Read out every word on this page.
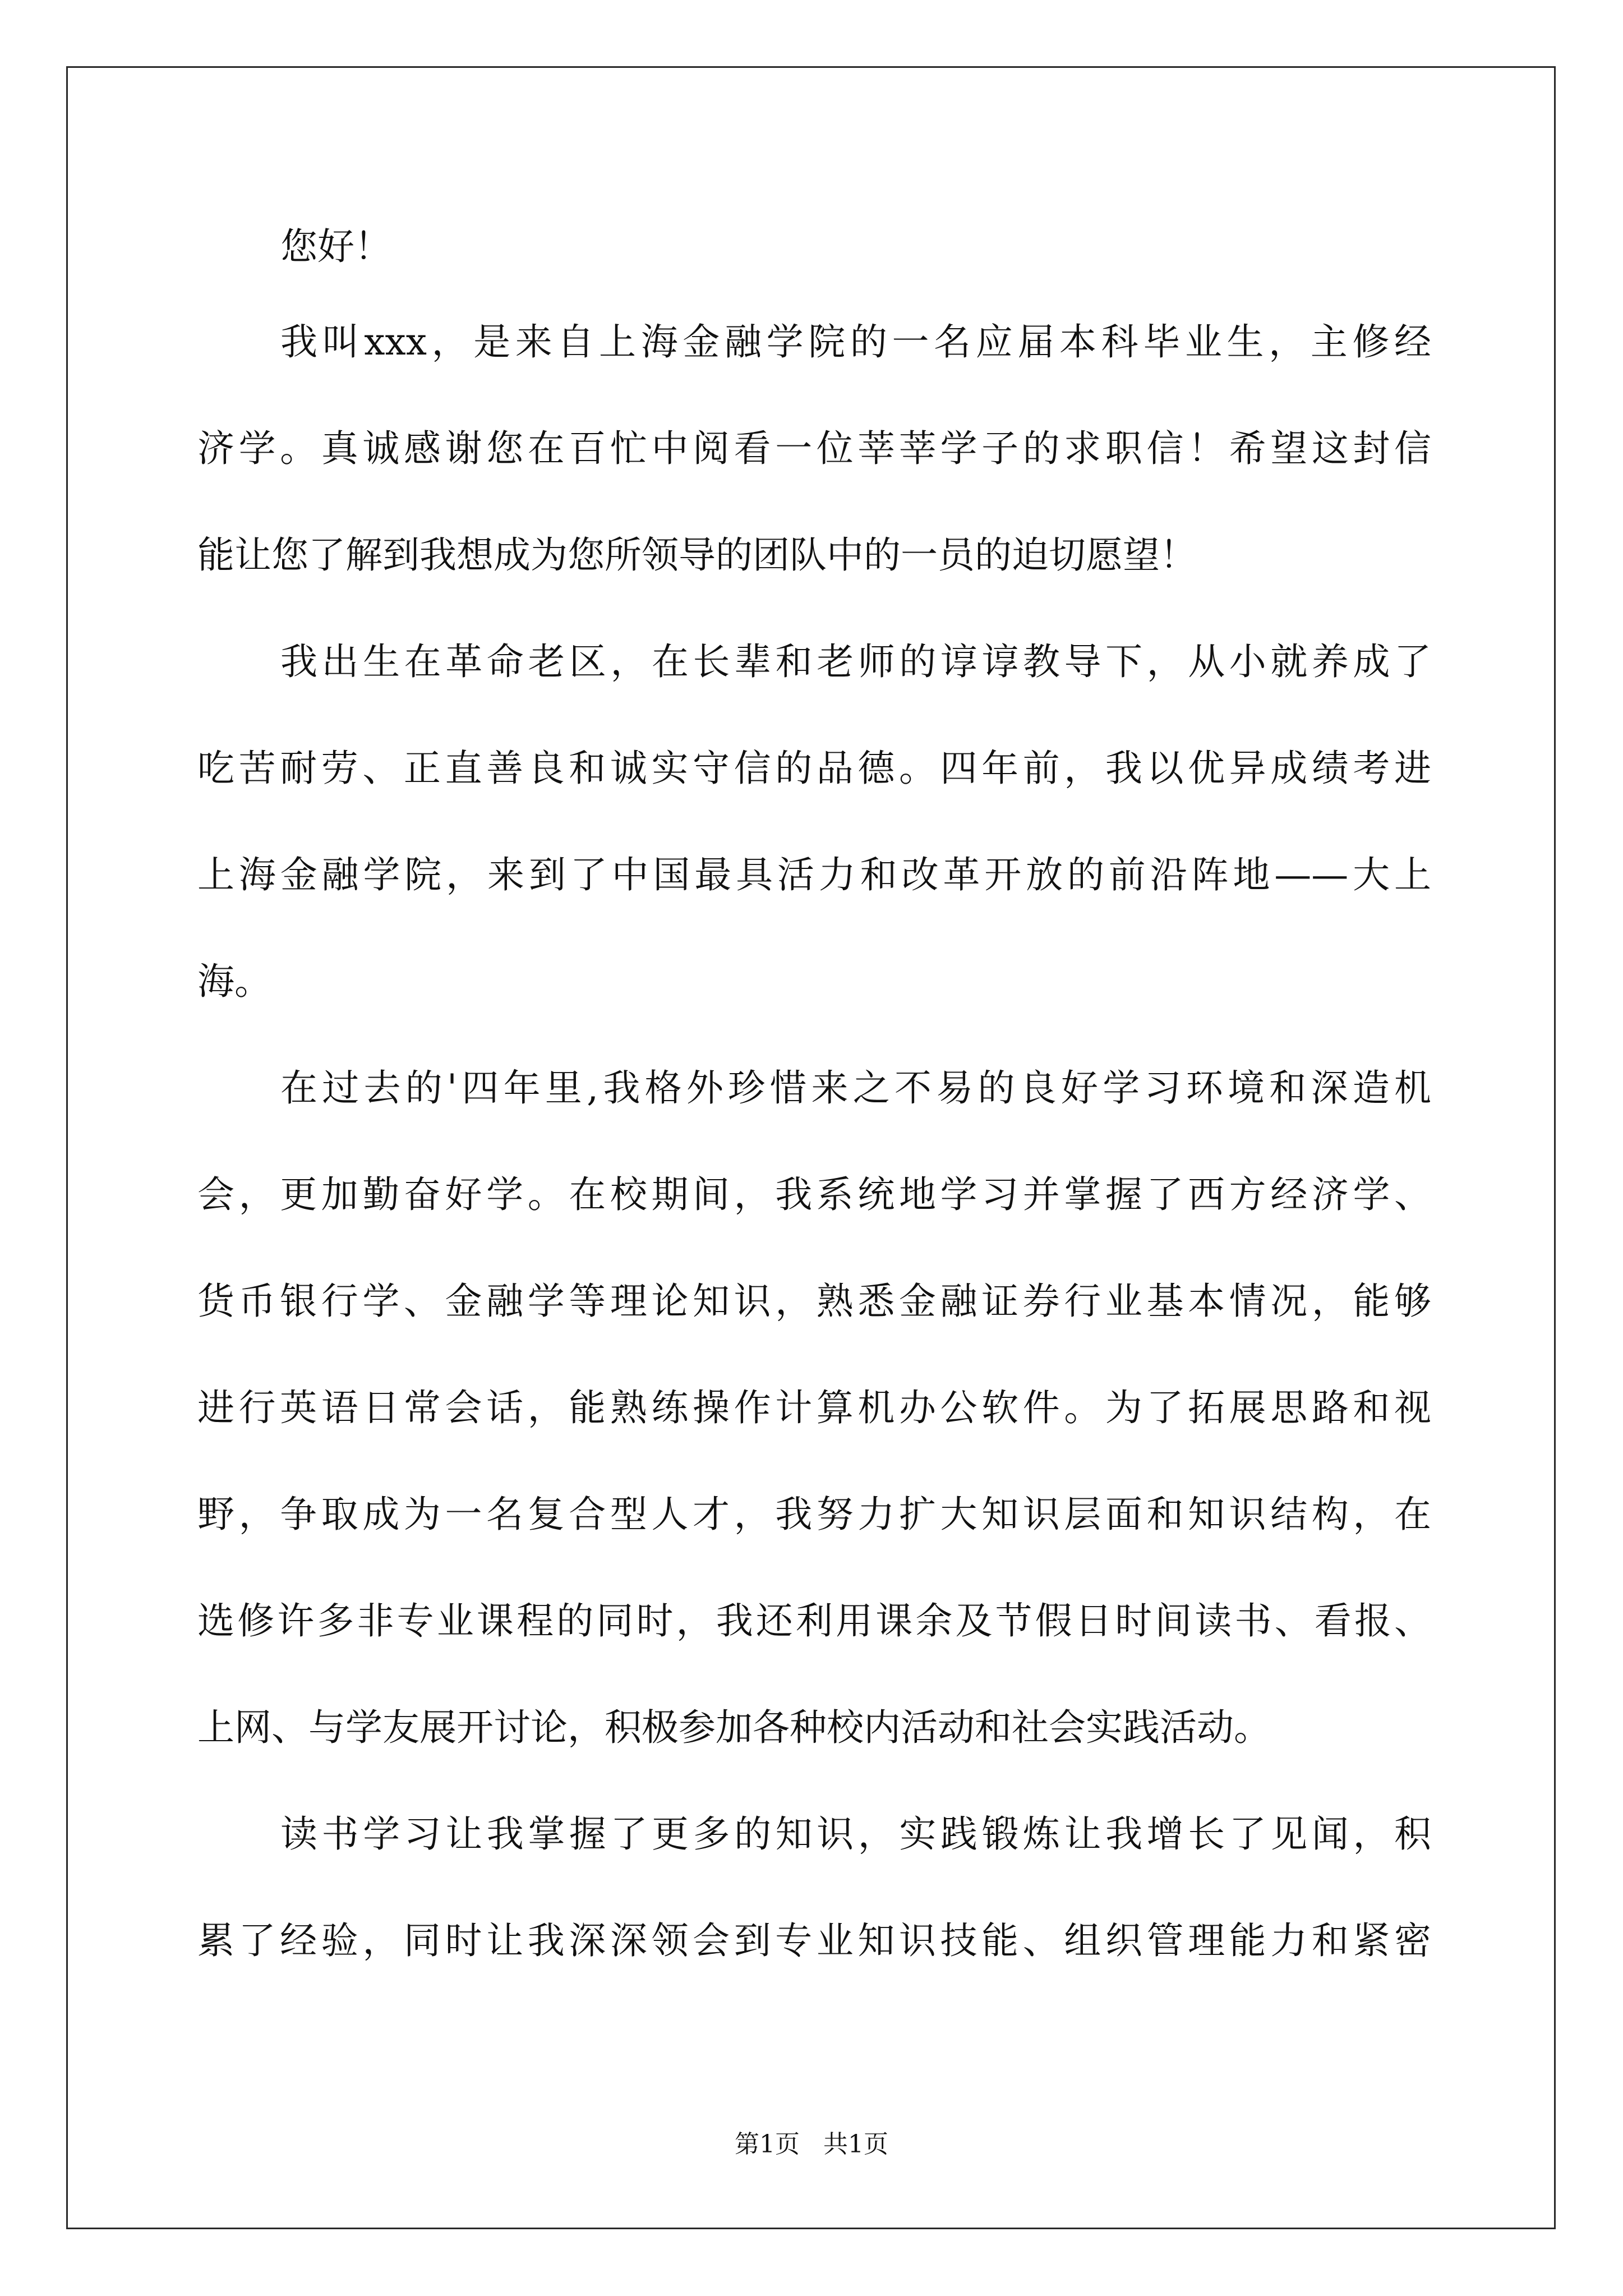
您好！
我叫xxx，是来自上海金融学院的一名应届本科毕业生，主修经
济学。真诚感谢您在百忙中阅看一位莘莘学子的求职信！希望这封信
能让您了解到我想成为您所领导的团队中的一员的迫切愿望！
我出生在革命老区，在长辈和老师的谆谆教导下，从小就养成了
吃苦耐劳、正直善良和诚实守信的品德。四年前，我以优异成绩考进
上海金融学院，来到了中国最具活力和改革开放的前沿阵地——大上
海。
在过去的'四年里,我格外珍惜来之不易的良好学习环境和深造机
会，更加勤奋好学。在校期间，我系统地学习并掌握了西方经济学、
货币银行学、金融学等理论知识，熟悉金融证券行业基本情况，能够
进行英语日常会话，能熟练操作计算机办公软件。为了拓展思路和视
野，争取成为一名复合型人才，我努力扩大知识层面和知识结构，在
选修许多非专业课程的同时，我还利用课余及节假日时间读书、看报、
上网、与学友展开讨论，积极参加各种校内活动和社会实践活动。
读书学习让我掌握了更多的知识，实践锻炼让我增长了见闻，积
累了经验，同时让我深深领会到专业知识技能、组织管理能力和紧密
第1页 共1页
